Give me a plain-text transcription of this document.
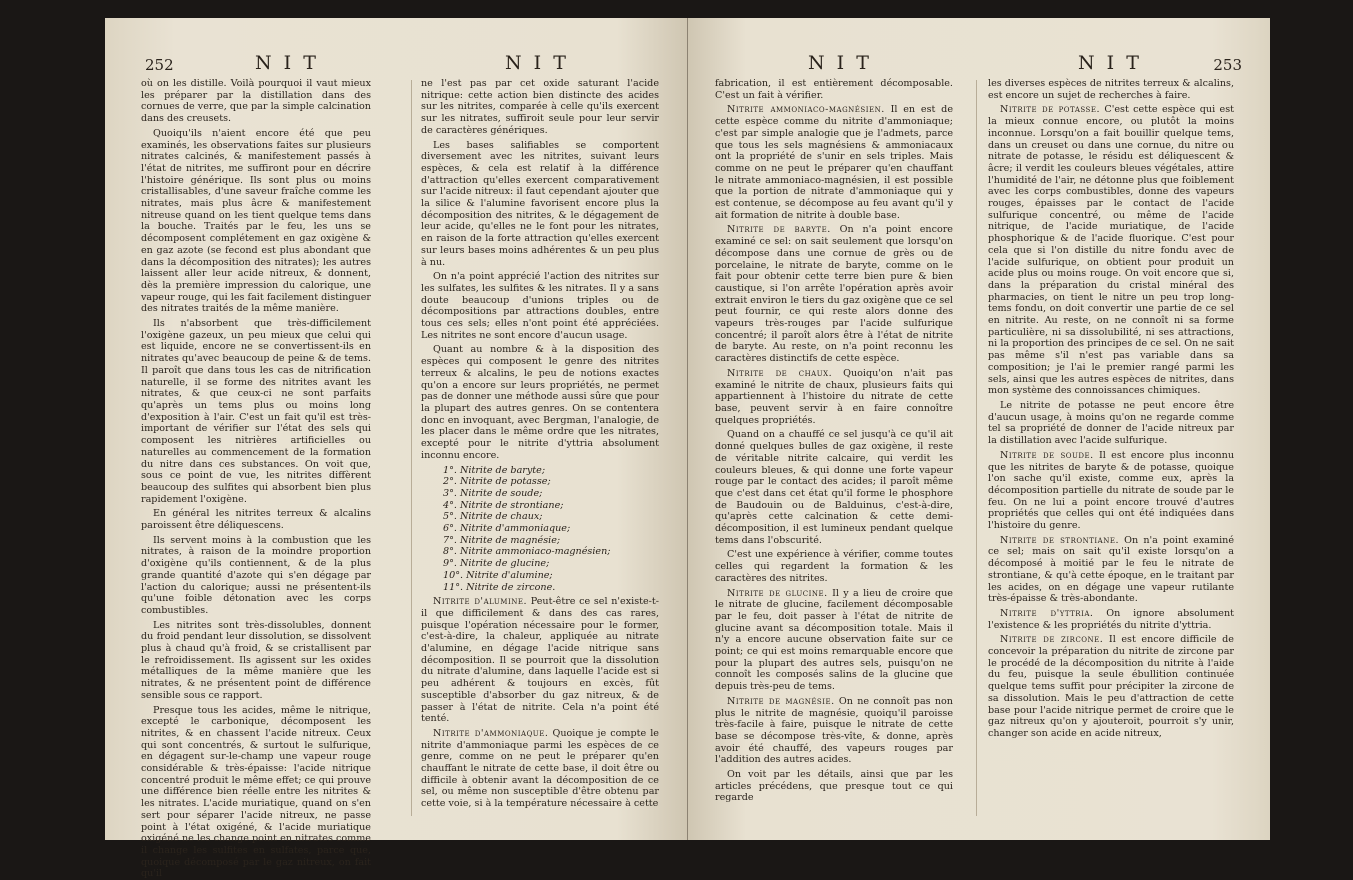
252	N I T	N I T

où on les distille. Voilà pourquoi il vaut mieux les préparer par la distillation dans des cornues de verre, que par la simple calcination dans des creusets.

Quoiqu'ils n'aient encore été que peu examinés, les observations faites sur plusieurs nitrates calcinés, & manifestement passés à l'état de nitrites, me suffiront pour en décrire l'histoire générique. Ils sont plus ou moins cristallisables, d'une saveur fraîche comme les nitrates, mais plus âcre & manifestement nitreuse quand on les tient quelque tems dans la bouche. Traités par le feu, les uns se décomposent complétement en gaz oxigène & en gaz azote (se fecond est plus abondant que dans la décomposition des nitrates); les autres laissent aller leur acide nitreux, & donnent, dès la première impression du calorique, une vapeur rouge, qui les fait facilement distinguer des nitrates traités de la même manière.

Ils n'absorbent que très-difficilement l'oxigène gazeux, un peu mieux que celui qui est liquide, encore ne se convertissent-ils en nitrates qu'avec beaucoup de peine & de tems. Il paroît que dans tous les cas de nitrification naturelle, il se forme des nitrites avant les nitrates, & que ceux-ci ne sont parfaits qu'après un tems plus ou moins long d'exposition à l'air. C'est un fait qu'il est très-important de vérifier sur l'état des sels qui composent les nitrières artificielles ou naturelles au commencement de la formation du nitre dans ces substances. On voit que, sous ce point de vue, les nitrites diffèrent beaucoup des sulfites qui absorbent bien plus rapidement l'oxigène.

En général les nitrites terreux & alcalins paroissent être déliquescens.

Ils servent moins à la combustion que les nitrates, à raison de la moindre proportion d'oxigène qu'ils contiennent, & de la plus grande quantité d'azote qui s'en dégage par l'action du calorique; aussi ne présentent-ils qu'une foible détonation avec les corps combustibles.

Les nitrites sont très-dissolubles, donnent du froid pendant leur dissolution, se dissolvent plus à chaud qu'à froid, & se cristallisent par le refroidissement. Ils agissent sur les oxides métalliques de la même manière que les nitrates, & ne présentent point de différence sensible sous ce rapport.

Presque tous les acides, même le nitrique, excepté le carbonique, décomposent les nitrites, & en chassent l'acide nitreux. Ceux qui sont concentrés, & surtout le sulfurique, en dégagent sur-le-champ une vapeur rouge considérable & très-épaisse: l'acide nitrique concentré produit le même effet; ce qui prouve une différence bien réelle entre les nitrites & les nitrates. L'acide muriatique, quand on s'en sert pour séparer l'acide nitreux, ne passe point à l'état oxigéné, & l'acide muriatique oxigéné ne les change point en nitrates comme il change les sulfites en sulfates, parce que, quoique décomposé par le gaz nitreux, on fait qu'il

ne l'est pas par cet oxide saturant l'acide nitrique: cette action bien distincte des acides sur les nitrites, comparée à celle qu'ils exercent sur les nitrates, suffiroit seule pour leur servir de caractères génériques.

Les bases salifiables se comportent diversement avec les nitrites, suivant leurs espèces, & cela est relatif à la différence d'attraction qu'elles exercent comparativement sur l'acide nitreux: il faut cependant ajouter que la silice & l'alumine favorisent encore plus la décomposition des nitrites, & le dégagement de leur acide, qu'elles ne le font pour les nitrates, en raison de la forte attraction qu'elles exercent sur leurs bases moins adhérentes & un peu plus à nu.

On n'a point apprécié l'action des nitrites sur les sulfates, les sulfites & les nitrates. Il y a sans doute beaucoup d'unions triples ou de décompositions par attractions doubles, entre tous ces sels; elles n'ont point été appréciées. Les nitrites ne sont encore d'aucun usage.

Quant au nombre & à la disposition des espèces qui composent le genre des nitrites terreux & alcalins, le peu de notions exactes qu'on a encore sur leurs propriétés, ne permet pas de donner une méthode aussi sûre que pour la plupart des autres genres. On se contentera donc en invoquant, avec Bergman, l'analogie, de les placer dans le même ordre que les nitrates, excepté pour le nitrite d'yttria absolument inconnu encore.

1°. Nitrite de baryte;
2°. Nitrite de potasse;
3°. Nitrite de soude;
4°. Nitrite de strontiane;
5°. Nitrite de chaux;
6°. Nitrite d'ammoniaque;
7°. Nitrite de magnésie;
8°. Nitrite ammoniaco-magnésien;
9°. Nitrite de glucine;
10°. Nitrite d'alumine;
11°. Nitrite de zircone.

Nitrite d'alumine. Peut-être ce sel n'existe-t-il que difficilement & dans des cas rares, puisque l'opération nécessaire pour le former, c'est-à-dire, la chaleur, appliquée au nitrate d'alumine, en dégage l'acide nitrique sans décomposition. Il se pourroit que la dissolution du nitrate d'alumine, dans laquelle l'acide est si peu adhérent & toujours en excès, fût susceptible d'absorber du gaz nitreux, & de passer à l'état de nitrite. Cela n'a point été tenté.

Nitrite d'ammoniaque. Quoique je compte le nitrite d'ammoniaque parmi les espèces de ce genre, comme on ne peut le préparer qu'en chauffant le nitrate de cette base, il doit être ou difficile à obtenir avant la décomposition de ce sel, ou même non susceptible d'être obtenu par cette voie, si à la température nécessaire à cette

N I T	N I T	253

fabrication, il est entièrement décomposable. C'est un fait à vérifier.

Nitrite ammoniaco-magnésien. Il en est de cette espèce comme du nitrite d'ammoniaque; c'est par simple analogie que je l'admets, parce que tous les sels magnésiens & ammoniacaux ont la propriété de s'unir en sels triples. Mais comme on ne peut le préparer qu'en chauffant le nitrate ammoniaco-magnésien, il est possible que la portion de nitrate d'ammoniaque qui y est contenue, se décompose au feu avant qu'il y ait formation de nitrite à double base.

Nitrite de baryte. On n'a point encore examiné ce sel: on sait seulement que lorsqu'on décompose dans une cornue de grès ou de porcelaine, le nitrate de baryte, comme on le fait pour obtenir cette terre bien pure & bien caustique, si l'on arrête l'opération après avoir extrait environ le tiers du gaz oxigène que ce sel peut fournir, ce qui reste alors donne des vapeurs très-rouges par l'acide sulfurique concentré; il paroît alors être à l'état de nitrite de baryte. Au reste, on n'a point reconnu les caractères distinctifs de cette espèce.

Nitrite de chaux. Quoiqu'on n'ait pas examiné le nitrite de chaux, plusieurs faits qui appartiennent à l'histoire du nitrate de cette base, peuvent servir à en faire connoître quelques propriétés.

Quand on a chauffé ce sel jusqu'à ce qu'il ait donné quelques bulles de gaz oxigène, il reste de véritable nitrite calcaire, qui verdit les couleurs bleues, & qui donne une forte vapeur rouge par le contact des acides; il paroît même que c'est dans cet état qu'il forme le phosphore de Baudouin ou de Balduinus, c'est-à-dire, qu'après cette calcination & cette demi-décomposition, il est lumineux pendant quelque tems dans l'obscurité.

C'est une expérience à vérifier, comme toutes celles qui regardent la formation & les caractères des nitrites.

Nitrite de glucine. Il y a lieu de croire que le nitrate de glucine, facilement décomposable par le feu, doit passer à l'état de nitrite de glucine avant sa décomposition totale. Mais il n'y a encore aucune observation faite sur ce point; ce qui est moins remarquable encore que pour la plupart des autres sels, puisqu'on ne connoît les composés salins de la glucine que depuis très-peu de tems.

Nitrite de magnésie. On ne connoît pas non plus le nitrite de magnésie, quoiqu'il paroisse très-facile à faire, puisque le nitrate de cette base se décompose très-vîte, & donne, après avoir été chauffé, des vapeurs rouges par l'addition des autres acides.

On voit par les détails, ainsi que par les articles précédens, que presque tout ce qui regarde

les diverses espèces de nitrites terreux & alcalins, est encore un sujet de recherches à faire.

Nitrite de potasse. C'est cette espèce qui est la mieux connue encore, ou plutôt la moins inconnue. Lorsqu'on a fait bouillir quelque tems, dans un creuset ou dans une cornue, du nitre ou nitrate de potasse, le résidu est déliquescent & âcre; il verdit les couleurs bleues végétales, attire l'humidité de l'air, ne détonne plus que foiblement avec les corps combustibles, donne des vapeurs rouges, épaisses par le contact de l'acide sulfurique concentré, ou même de l'acide nitrique, de l'acide muriatique, de l'acide phosphorique & de l'acide fluorique. C'est pour cela que si l'on distille du nitre fondu avec de l'acide sulfurique, on obtient pour produit un acide plus ou moins rouge. On voit encore que si, dans la préparation du cristal minéral des pharmacies, on tient le nitre un peu trop long-tems fondu, on doit convertir une partie de ce sel en nitrite. Au reste, on ne connoît ni sa forme particulière, ni sa dissolubilité, ni ses attractions, ni la proportion des principes de ce sel. On ne sait pas même s'il n'est pas variable dans sa composition; je l'ai le premier rangé parmi les sels, ainsi que les autres espèces de nitrites, dans mon système des connoissances chimiques.

Le nitrite de potasse ne peut encore être d'aucun usage, à moins qu'on ne regarde comme tel sa propriété de donner de l'acide nitreux par la distillation avec l'acide sulfurique.

Nitrite de soude. Il est encore plus inconnu que les nitrites de baryte & de potasse, quoique l'on sache qu'il existe, comme eux, après la décomposition partielle du nitrate de soude par le feu. On ne lui a point encore trouvé d'autres propriétés que celles qui ont été indiquées dans l'histoire du genre.

Nitrite de strontiane. On n'a point examiné ce sel; mais on sait qu'il existe lorsqu'on a décomposé à moitié par le feu le nitrate de strontiane, & qu'à cette époque, en le traitant par les acides, on en dégage une vapeur rutilante très-épaisse & très-abondante.

Nitrite d'yttria. On ignore absolument l'existence & les propriétés du nitrite d'yttria.

Nitrite de zircone. Il est encore difficile de concevoir la préparation du nitrite de zircone par le procédé de la décomposition du nitrite à l'aide du feu, puisque la seule ébullition continuée quelque tems suffit pour précipiter la zircone de sa dissolution. Mais le peu d'attraction de cette base pour l'acide nitrique permet de croire que le gaz nitreux qu'on y ajouteroit, pourroit s'y unir, changer son acide en acide nitreux,
